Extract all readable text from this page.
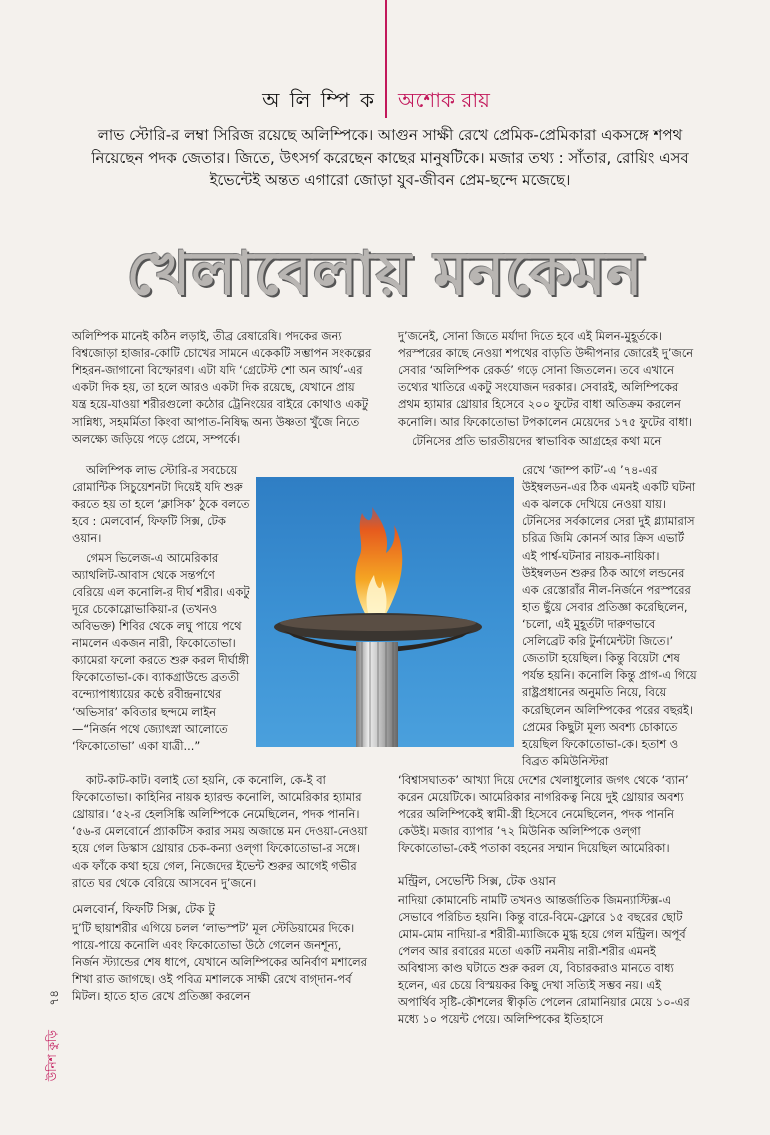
অ লি ম্পি ক অশোক রায়
লাভ স্টোরি-র লম্বা সিরিজ রয়েছে অলিম্পিকে। আগুন সাক্ষী রেখে প্রেমিক-প্রেমিকারা একসঙ্গে শপথ নিয়েছেন পদক জেতার। জিতে, উৎসর্গ করেছেন কাছের মানুষটিকে। মজার তথ্য : সাঁতার, রোয়িং এসব ইভেন্টেই অন্তত এগারো জোড়া যুব-জীবন প্রেম-ছন্দে মজেছে।
খেলাবেলায় মনকেমন

অলিম্পিক মানেই কঠিন লড়াই, তীব্র রেষারেষি। পদকের জন্য বিশ্বজোড়া হাজার-কোটি চোখের সামনে একেকটি সম্ভাপন সংকল্পের শিহরন-জাগানো বিস্ফোরণ। এটা যদি ‘গ্রেটেস্ট শো অন আর্থ’-এর একটা দিক হয়, তা হলে আরও একটা দিক রয়েছে, যেখানে প্রায় যন্ত্র হয়ে-যাওয়া শরীরগুলো কঠোর ট্রেনিংয়ের বাইরে কোথাও একটু সান্নিধ্য, সহমর্মিতা কিংবা আপাত-নিষিদ্ধ অন্য উষ্ণতা খুঁজে নিতে অলক্ষ্যে জড়িয়ে পড়ে প্রেমে, সম্পর্কে।

অলিম্পিক লাভ স্টোরি-র সবচেয়ে রোমান্টিক সিচুয়েশনটা দিয়েই যদি শুরু করতে হয় তা হলে ‘ক্লাসিক’ ঠুকে বলতে হবে : মেলবোর্ন, ফিফটি সিক্স, টেক ওয়ান।

গেমস ভিলেজ-এ আমেরিকার অ্যাথলিট-আবাস থেকে সন্তর্পণে বেরিয়ে এল কনোলি-র দীর্ঘ শরীর। একটু দূরে চেকোস্লোভাকিয়া-র (তখনও অবিভক্ত) শিবির থেকে লঘু পায়ে পথে নামলেন একজন নারী, ফিকোতোভা। ক্যামেরা ফলো করতে শুরু করল দীর্ঘাঙ্গী ফিকোতোভা-কে। ব্যাকগ্রাউন্ডে ব্রততী বন্দ্যোপাধ্যায়ের কণ্ঠে রবীন্দ্রনাথের ‘অভিসার’ কবিতার ছন্দমে লাইন—“নির্জন পথে জ্যোৎস্না আলোতে ‘ফিকোতোভা’ একা যাত্রী...”

কাট-কাট-কাট। বলাই তো হয়নি, কে কনোলি, কে-ই বা ফিকোতোভা। কাহিনির নায়ক হ্যারল্ড কনোলি, আমেরিকার হ্যামার থ্রোয়ার। ‘৫২-র হেলসিঙ্কি অলিম্পিকে নেমেছিলেন, পদক পাননি। ‘৫৬-র মেলবোর্নে প্র্যাকটিস করার সময় অজান্তে মন দেওয়া-নেওয়া হয়ে গেল ডিস্কাস থ্রোয়ার চেক-কন্যা ওল্‌গা ফিকোতোভা-র সঙ্গে। এক ফাঁকে কথা হয়ে গেল, নিজেদের ইভেন্ট শুরুর আগেই গভীর রাতে ঘর থেকে বেরিয়ে আসবেন দু’জনে।

মেলবোর্ন, ফিফটি সিক্স, টেক টু

দু’টি ছায়াশরীর এগিয়ে চলল ‘লাভস্পট’ মূল স্টেডিয়ামের দিকে। পায়ে-পায়ে কনোলি এবং ফিকোতোভা উঠে গেলেন জনশূন্য, নির্জন স্ট্যান্ডের শেষ ধাপে, যেখানে অলিম্পিকের অনির্বাণ মশালের শিখা রাত জাগছে। ওই পবিত্র মশালকে সাক্ষী রেখে বাগ্‌দান-পর্ব মিটল। হাতে হাত রেখে প্রতিজ্ঞা করলেন

দু’জনেই, সোনা জিতে মর্যাদা দিতে হবে এই মিলন-মুহূর্তকে। পরস্পরের কাছে নেওয়া শপথের বাড়তি উদ্দীপনার জোরেই দু’জনে সেবার ‘অলিম্পিক রেকর্ড’ গড়ে সোনা জিতলেন। তবে এখানে তথ্যের খাতিরে একটু সংযোজন দরকার। সেবারই, অলিম্পিকের প্রথম হ্যামার থ্রোয়ার হিসেবে ২০০ ফুটের বাধা অতিক্রম করলেন কনোলি। আর ফিকোতোভা টপকালেন মেয়েদের ১৭৫ ফুটের বাধা।

টেনিসের প্রতি ভারতীয়দের স্বাভাবিক আগ্রহের কথা মনে

রেখে ‘জাম্প কাট’-এ ’৭৪-এর উইম্বলডন-এর ঠিক এমনই একটি ঘটনা এক ঝলকে দেখিয়ে নেওয়া যায়। টেনিসের সর্বকালের সেরা দুই গ্ল্যামারাস চরিত্র জিমি কোনর্স আর ক্রিস এভার্ট এই পার্শ্ব-ঘটনার নায়ক-নায়িকা। উইম্বলডন শুরুর ঠিক আগে লন্ডনের এক রেস্তোরাঁর নীল-নির্জনে পরস্পরের হাত ছুঁয়ে সেবার প্রতিজ্ঞা করেছিলেন, ‘চলো, এই মুহূর্তটা দারুণভাবে সেলিব্রেট করি টুর্নামেন্টটা জিতে।’ জেতাটা হয়েছিল। কিন্তু বিয়েটা শেষ পর্যন্ত হয়নি। কনোলি কিন্তু প্রাগ-এ গিয়ে রাষ্ট্রপ্রধানের অনুমতি নিয়ে, বিয়ে করেছিলেন অলিম্পিকের পরের বছরই। প্রেমের কিছুটা মূল্য অবশ্য চোকাতে হয়েছিল ফিকোতোভা-কে। হতাশ ও বিব্রত কমিউনিস্টরা

‘বিশ্বাসঘাতক’ আখ্যা দিয়ে দেশের খেলাধুলোর জগৎ থেকে ‘ব্যান’ করেন মেয়েটিকে। আমেরিকার নাগরিকত্ব নিয়ে দুই থ্রোয়ার অবশ্য পরের অলিম্পিকেই স্বামী-স্ত্রী হিসেবে নেমেছিলেন, পদক পাননি কেউই। মজার ব্যাপার ’৭২ মিউনিক অলিম্পিকে ওল্‌গা ফিকোতোভা-কেই পতাকা বহনের সম্মান দিয়েছিল আমেরিকা।

মন্ট্রিল, সেভেন্টি সিক্স, টেক ওয়ান

নাদিয়া কোমানেচি নামটি তখনও আন্তর্জাতিক জিমন্যাস্টিক্স-এ সেভাবে পরিচিত হয়নি। কিন্তু বারে-বিমে-ফ্লোরে ১৫ বছরের ছোট মোম-মোম নাদিয়া-র শরীরী-ম্যাজিকে মুগ্ধ হয়ে গেল মন্ট্রিল। অপূর্ব পেলব আর রবারের মতো একটি নমনীয় নারী-শরীর এমনই অবিশ্বাস্য কাণ্ড ঘটাতে শুরু করল যে, বিচারকরাও মানতে বাধ্য হলেন, এর চেয়ে বিস্ময়কর কিছু দেখা সত্যিই সম্ভব নয়। এই অপার্থিব সৃষ্টি-কৌশলের স্বীকৃতি পেলেন রোমানিয়ার মেয়ে ১০-এর মধ্যে ১০ পয়েন্ট পেয়ে। অলিম্পিকের ইতিহাসে

উনিশ কুড়ি
৭৪
